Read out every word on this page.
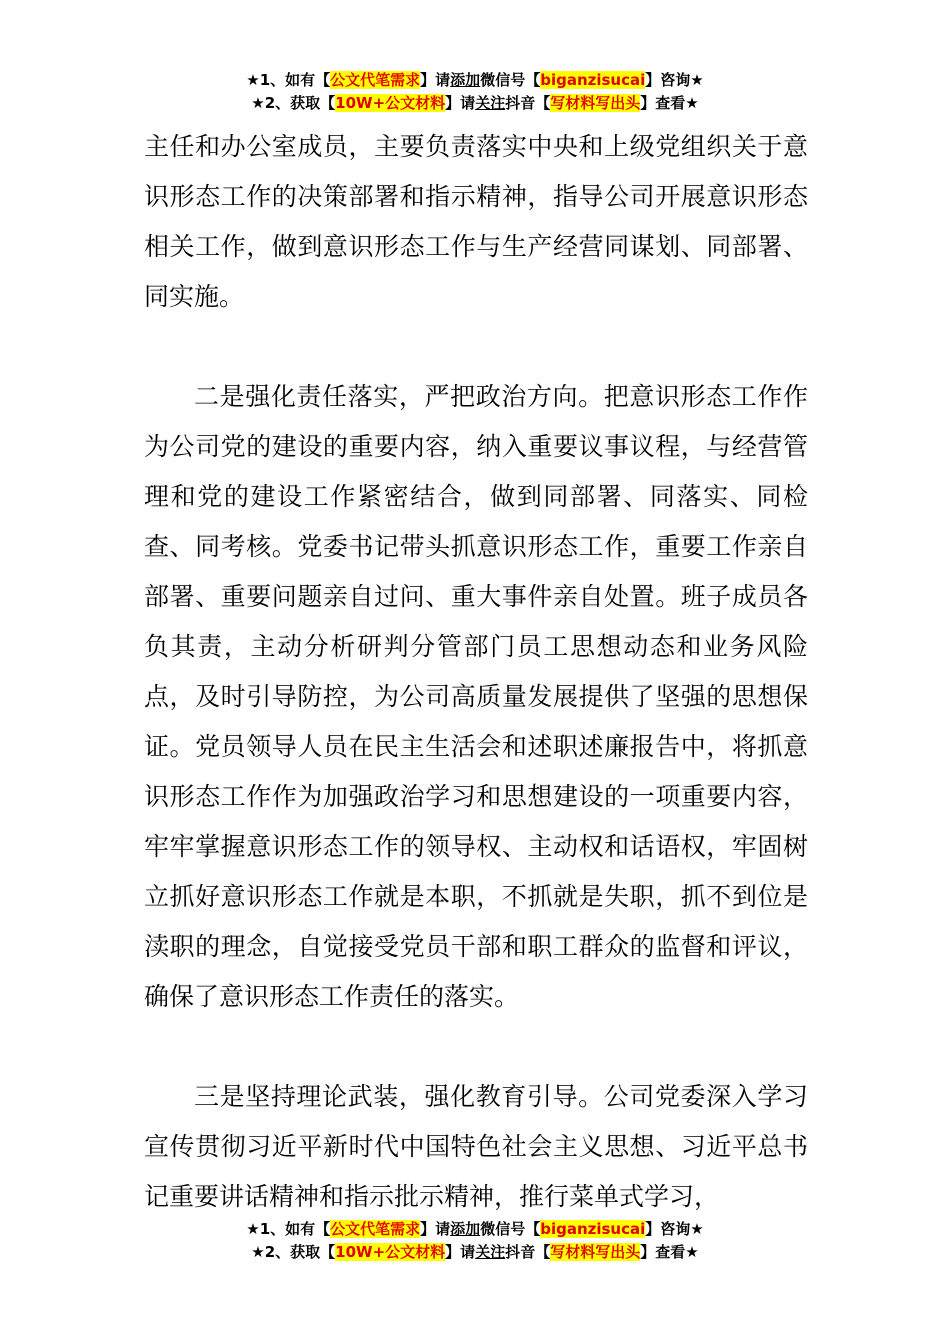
★1、如有【公文代笔需求】请添加微信号【biganzisucai】咨询★
★2、获取【10W+公文材料】请关注抖音【写材料写出头】查看★

主任和办公室成员，主要负责落实中央和上级党组织关于意识形态工作的决策部署和指示精神，指导公司开展意识形态相关工作，做到意识形态工作与生产经营同谋划、同部署、同实施。

二是强化责任落实，严把政治方向。把意识形态工作作为公司党的建设的重要内容，纳入重要议事议程，与经营管理和党的建设工作紧密结合，做到同部署、同落实、同检查、同考核。党委书记带头抓意识形态工作，重要工作亲自部署、重要问题亲自过问、重大事件亲自处置。班子成员各负其责，主动分析研判分管部门员工思想动态和业务风险点，及时引导防控，为公司高质量发展提供了坚强的思想保证。党员领导人员在民主生活会和述职述廉报告中，将抓意识形态工作作为加强政治学习和思想建设的一项重要内容，牢牢掌握意识形态工作的领导权、主动权和话语权，牢固树立抓好意识形态工作就是本职，不抓就是失职，抓不到位是渎职的理念，自觉接受党员干部和职工群众的监督和评议，确保了意识形态工作责任的落实。

三是坚持理论武装，强化教育引导。公司党委深入学习宣传贯彻习近平新时代中国特色社会主义思想、习近平总书记重要讲话精神和指示批示精神，推行菜单式学习，

★1、如有【公文代笔需求】请添加微信号【biganzisucai】咨询★
★2、获取【10W+公文材料】请关注抖音【写材料写出头】查看★
